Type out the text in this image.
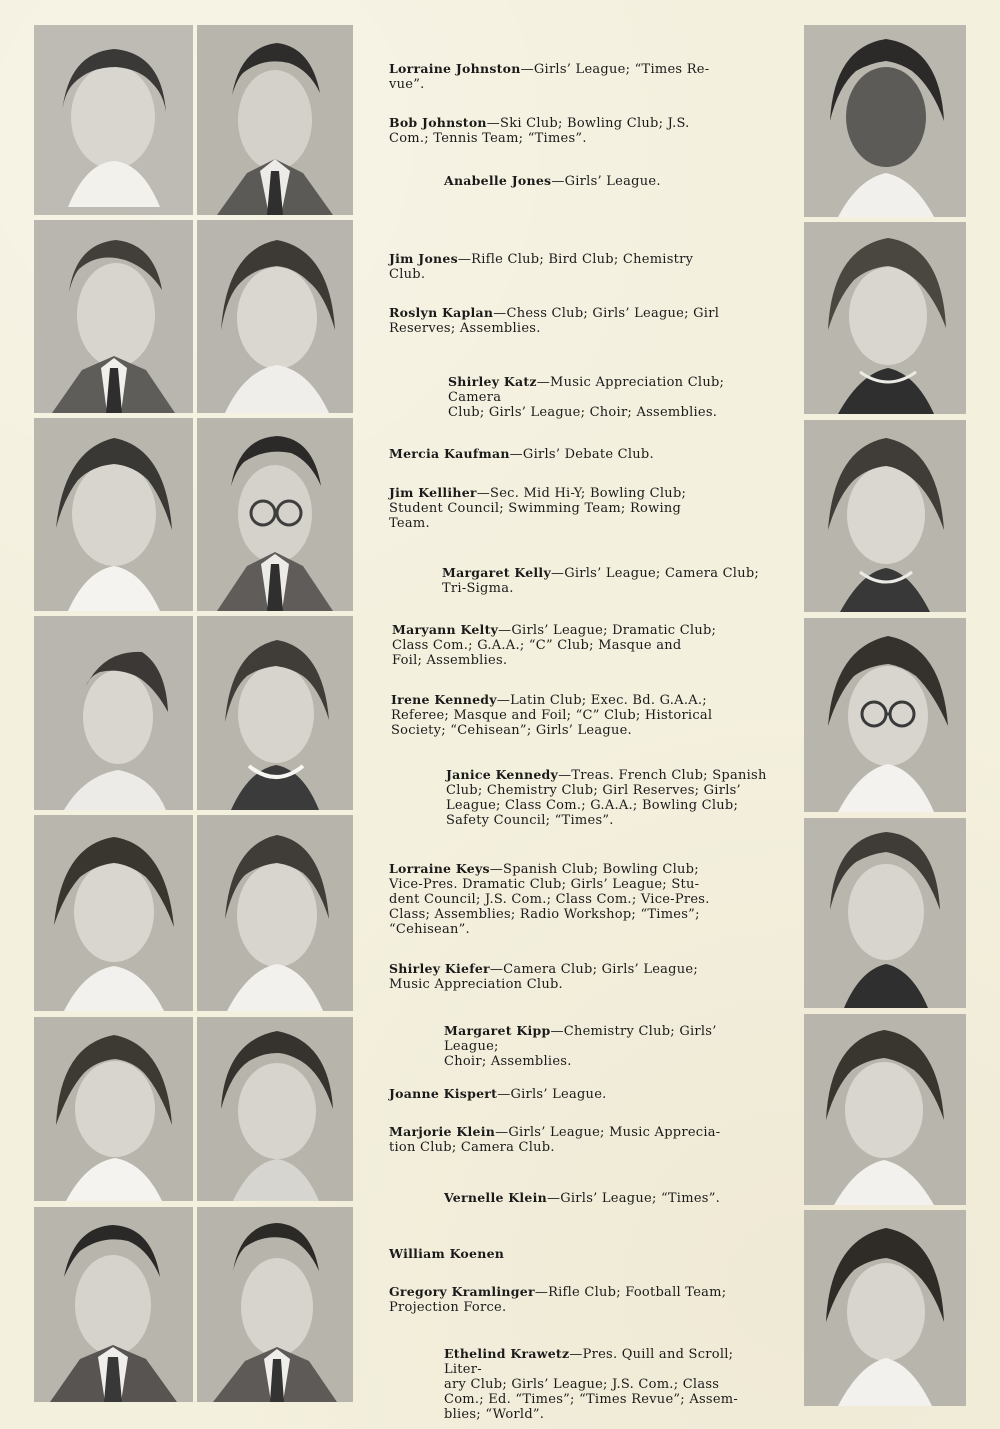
Lorraine Johnston—Girls’ League; “Times Re-
vue”.

Bob Johnston—Ski Club; Bowling Club; J.S.
Com.; Tennis Team; “Times”.

Anabelle Jones—Girls’ League.

Jim Jones—Rifle Club; Bird Club; Chemistry
Club.

Roslyn Kaplan—Chess Club; Girls’ League; Girl
Reserves; Assemblies.

Shirley Katz—Music Appreciation Club; Camera
Club; Girls’ League; Choir; Assemblies.

Mercia Kaufman—Girls’ Debate Club.

Jim Kelliher—Sec. Mid Hi-Y; Bowling Club;
Student Council; Swimming Team; Rowing
Team.

Margaret Kelly—Girls’ League; Camera Club;
Tri-Sigma.

Maryann Kelty—Girls’ League; Dramatic Club;
Class Com.; G.A.A.; “C” Club; Masque and
Foil; Assemblies.

Irene Kennedy—Latin Club; Exec. Bd. G.A.A.;
Referee; Masque and Foil; “C” Club; Historical
Society; “Cehisean”; Girls’ League.

Janice Kennedy—Treas. French Club; Spanish
Club; Chemistry Club; Girl Reserves; Girls’
League; Class Com.; G.A.A.; Bowling Club;
Safety Council; “Times”.

Lorraine Keys—Spanish Club; Bowling Club;
Vice-Pres. Dramatic Club; Girls’ League; Stu-
dent Council; J.S. Com.; Class Com.; Vice-Pres.
Class; Assemblies; Radio Workshop; “Times”;
“Cehisean”.

Shirley Kiefer—Camera Club; Girls’ League;
Music Appreciation Club.

Margaret Kipp—Chemistry Club; Girls’ League;
Choir; Assemblies.

Joanne Kispert—Girls’ League.

Marjorie Klein—Girls’ League; Music Apprecia-
tion Club; Camera Club.

Vernelle Klein—Girls’ League; “Times”.

William Koenen

Gregory Kramlinger—Rifle Club; Football Team;
Projection Force.

Ethelind Krawetz—Pres. Quill and Scroll; Liter-
ary Club; Girls’ League; J.S. Com.; Class
Com.; Ed. “Times”; “Times Revue”; Assem-
blies; “World”.
